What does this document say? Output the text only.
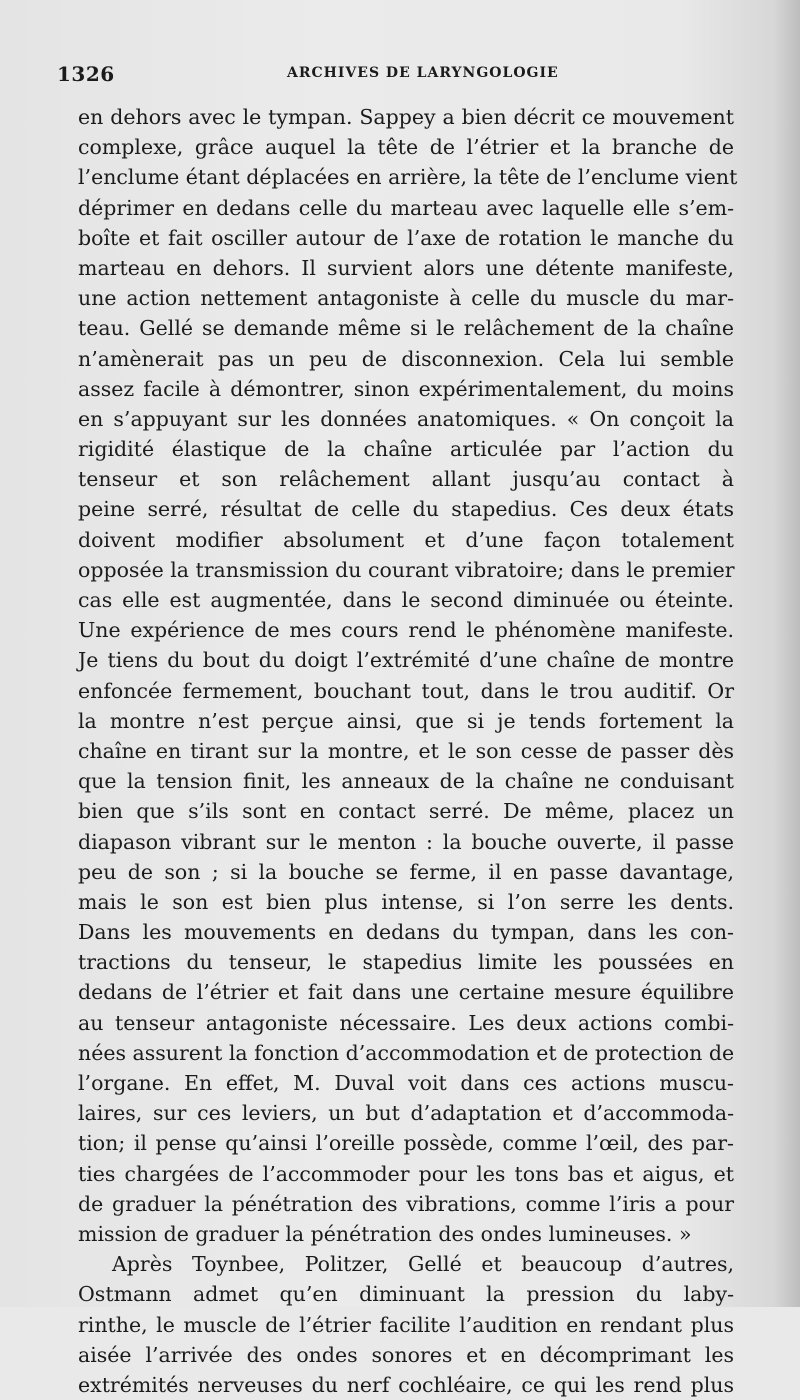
1326	ARCHIVES DE LARYNGOLOGIE
en dehors avec le tympan. Sappey a bien décrit ce mouvement
complexe, grâce auquel la tête de l’étrier et la branche de
l’enclume étant déplacées en arrière, la tête de l’enclume vient
déprimer en dedans celle du marteau avec laquelle elle s’em-
boîte et fait osciller autour de l’axe de rotation le manche du
marteau en dehors. Il survient alors une détente manifeste,
une action nettement antagoniste à celle du muscle du mar-
teau. Gellé se demande même si le relâchement de la chaîne
n’amènerait pas un peu de disconnexion. Cela lui semble
assez facile à démontrer, sinon expérimentalement, du moins
en s’appuyant sur les données anatomiques. « On conçoit la
rigidité élastique de la chaîne articulée par l’action du
tenseur et son relâchement allant jusqu’au contact à
peine serré, résultat de celle du stapedius. Ces deux états
doivent modifier absolument et d’une façon totalement
opposée la transmission du courant vibratoire; dans le premier
cas elle est augmentée, dans le second diminuée ou éteinte.
Une expérience de mes cours rend le phénomène manifeste.
Je tiens du bout du doigt l’extrémité d’une chaîne de montre
enfoncée fermement, bouchant tout, dans le trou auditif. Or
la montre n’est perçue ainsi, que si je tends fortement la
chaîne en tirant sur la montre, et le son cesse de passer dès
que la tension finit, les anneaux de la chaîne ne conduisant
bien que s’ils sont en contact serré. De même, placez un
diapason vibrant sur le menton : la bouche ouverte, il passe
peu de son ; si la bouche se ferme, il en passe davantage,
mais le son est bien plus intense, si l’on serre les dents.
Dans les mouvements en dedans du tympan, dans les con-
tractions du tenseur, le stapedius limite les poussées en
dedans de l’étrier et fait dans une certaine mesure équilibre
au tenseur antagoniste nécessaire. Les deux actions combi-
nées assurent la fonction d’accommodation et de protection de
l’organe. En effet, M. Duval voit dans ces actions muscu-
laires, sur ces leviers, un but d’adaptation et d’accommoda-
tion; il pense qu’ainsi l’oreille possède, comme l’œil, des par-
ties chargées de l’accommoder pour les tons bas et aigus, et
de graduer la pénétration des vibrations, comme l’iris a pour
mission de graduer la pénétration des ondes lumineuses. »
Après Toynbee, Politzer, Gellé et beaucoup d’autres,
Ostmann admet qu’en diminuant la pression du laby-
rinthe, le muscle de l’étrier facilite l’audition en rendant plus
aisée l’arrivée des ondes sonores et en décomprimant les
extrémités nerveuses du nerf cochléaire, ce qui les rend plus
